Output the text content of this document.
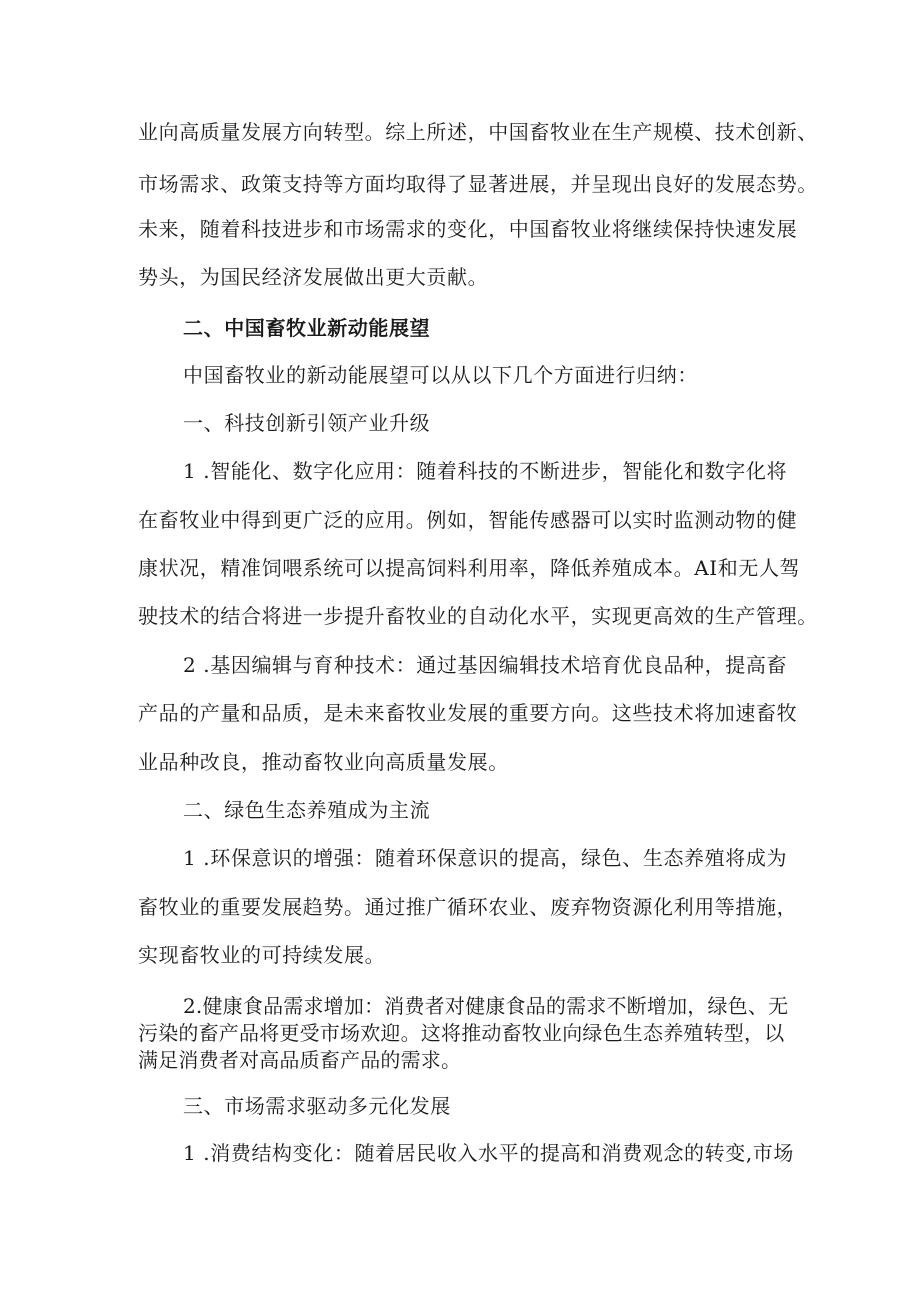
业向高质量发展方向转型。综上所述，中国畜牧业在生产规模、技术创新、
市场需求、政策支持等方面均取得了显著进展，并呈现出良好的发展态势。
未来，随着科技进步和市场需求的变化，中国畜牧业将继续保持快速发展
势头，为国民经济发展做出更大贡献。
二、中国畜牧业新动能展望
中国畜牧业的新动能展望可以从以下几个方面进行归纳：
一、科技创新引领产业升级
1 .智能化、数字化应用：随着科技的不断进步，智能化和数字化将
在畜牧业中得到更广泛的应用。例如，智能传感器可以实时监测动物的健
康状况，精准饲喂系统可以提高饲料利用率，降低养殖成本。AI和无人驾
驶技术的结合将进一步提升畜牧业的自动化水平，实现更高效的生产管理。
2 .基因编辑与育种技术：通过基因编辑技术培育优良品种，提高畜
产品的产量和品质，是未来畜牧业发展的重要方向。这些技术将加速畜牧
业品种改良，推动畜牧业向高质量发展。
二、绿色生态养殖成为主流
1 .环保意识的增强：随着环保意识的提高，绿色、生态养殖将成为
畜牧业的重要发展趋势。通过推广循环农业、废弃物资源化利用等措施，
实现畜牧业的可持续发展。
2.健康食品需求增加：消费者对健康食品的需求不断增加，绿色、无
污染的畜产品将更受市场欢迎。这将推动畜牧业向绿色生态养殖转型，以
满足消费者对高品质畜产品的需求。
三、市场需求驱动多元化发展
1 .消费结构变化：随着居民收入水平的提高和消费观念的转变,市场
